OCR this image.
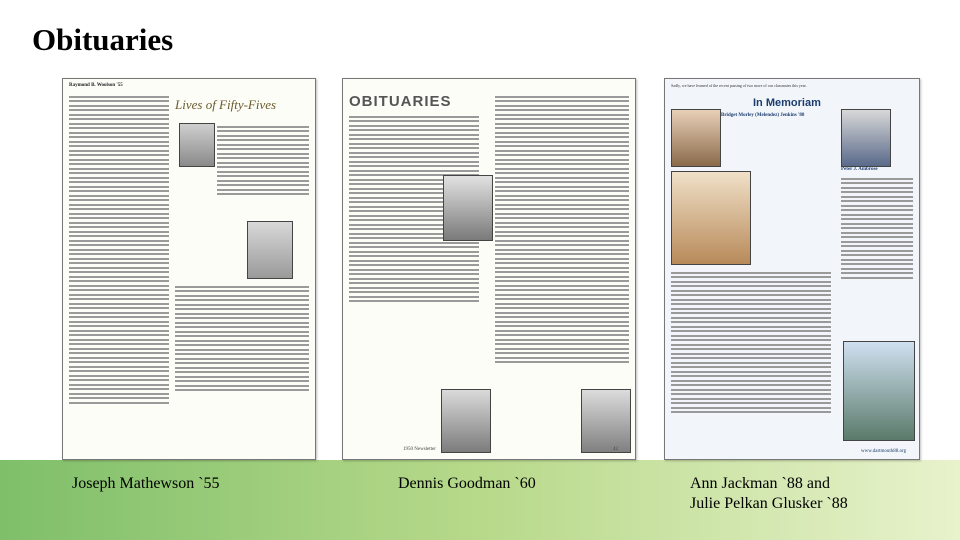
Obituaries
Raymond B. Woolson '55
Lives of Fifty-Fives
Joseph Mathewson `55
OBITUARIES
1950 Newsletter	42
Dennis Goodman `60
Sadly, we have learned of the recent passing of two more of our classmates this year.
In Memoriam
Bridget Morley (Melendez) Jenkins '88
Peter J. Ambrose
www.dartmouth88.org
Ann Jackman `88 and
Julie Pelkan Glusker `88
